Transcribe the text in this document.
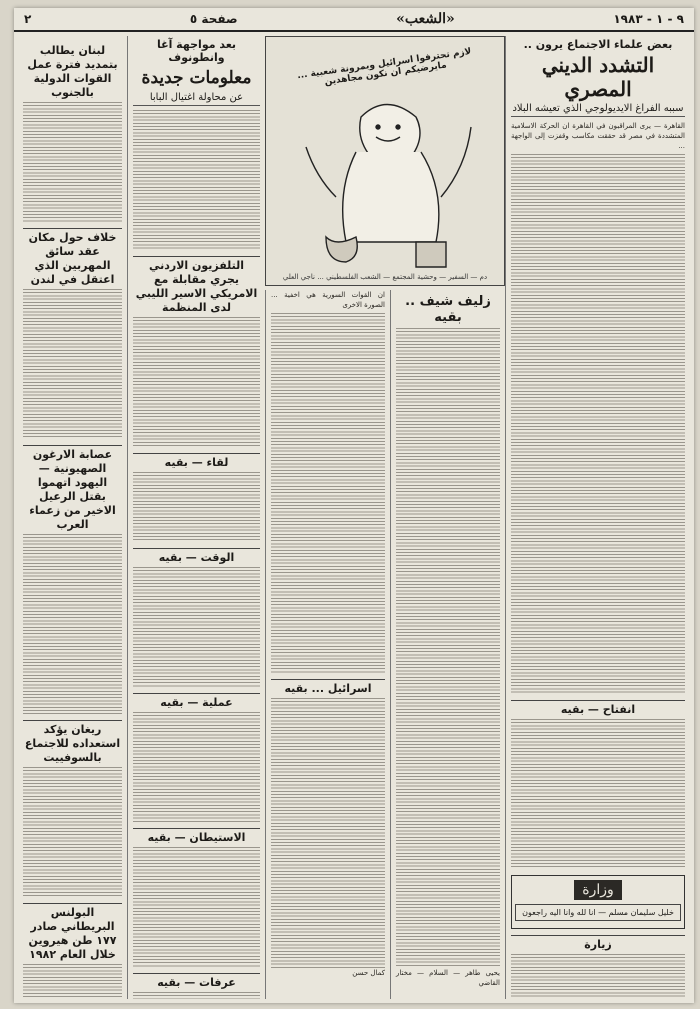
٩ - ١ - ١٩٨٣
«الشعب»
صفحة ٥
٢
بعض علماء الاجتماع يرون ..
التشدد الديني المصري
سببه الفراغ الايديولوجي الذي تعيشه البلاد

القاهرة — يرى المراقبون في القاهرة ان الحركة الاسلامية المتشددة في مصر قد حققت مكاسب وقفزت إلى الواجهة ...

انفتاح — بقيه
وزارة
خليل سليمان مسلم — انا لله وانا اليه راجعون
زيارة
لازم تحترفوا اسرائيل وبمرونة شعبية ... مايرضيكم ان نكون مجاهدين
دم — السفير — وحشية المجتمع — الشعب الفلسطيني ... ناجي العلي
زليف شيف .. بقيه

يحيى طاهر — السلام — مختار القاضي

ان القوات السورية هي اخفية ... الصورة الاخرى

اسرائيل ... بقيه

كمال حسن

بعد مواجهة آغا وانطونوف
معلومات جديدة
عن محاولة اغتيال البابا
التلفزيون الاردني يجري مقابلة مع الامريكي الاسير الليبي لدى المنظمة
لقاء — بقيه
الوقت — بقيه
عملية — بقيه
الاستيطان — بقيه
عرفات — بقيه
لبنان يطالب بتمديد فترة عمل القوات الدولية بالجنوب
خلاف حول مكان عقد سائق المهربين الذي اعتقل في لندن
عصابة الارغون الصهيونية — اليهود اتهموا بقتل الرعيل الاخير من زعماء العرب
ريغان يؤكد استعداده للاجتماع بالسوفييت
البولنس البريطاني صادر ١٧٧ طن هيروين خلال العام ١٩٨٢
